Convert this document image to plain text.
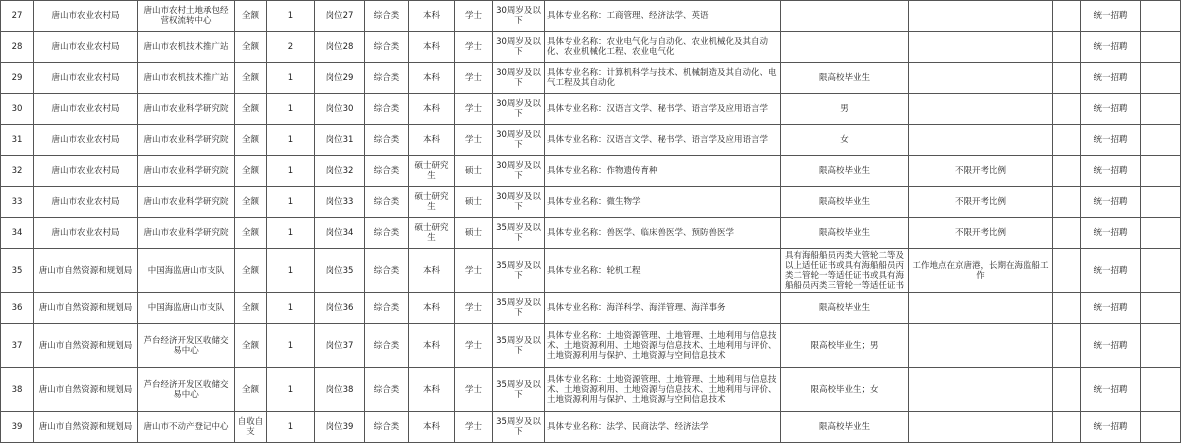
27	唐山市农业农村局	唐山市农村土地承包经营权流转中心	全额	1	岗位27	综合类	本科	学士	30周岁及以下	具体专业名称：工商管理、经济法学、英语				统一招聘	
28	唐山市农业农村局	唐山市农机技术推广站	全额	2	岗位28	综合类	本科	学士	30周岁及以下	具体专业名称：农业电气化与自动化、农业机械化及其自动化、农业机械化工程、农业电气化				统一招聘	
29	唐山市农业农村局	唐山市农机技术推广站	全额	1	岗位29	综合类	本科	学士	30周岁及以下	具体专业名称：计算机科学与技术、机械制造及其自动化、电气工程及其自动化	限高校毕业生			统一招聘	
30	唐山市农业农村局	唐山市农业科学研究院	全额	1	岗位30	综合类	本科	学士	30周岁及以下	具体专业名称：汉语言文学、秘书学、语言学及应用语言学	男			统一招聘	
31	唐山市农业农村局	唐山市农业科学研究院	全额	1	岗位31	综合类	本科	学士	30周岁及以下	具体专业名称：汉语言文学、秘书学、语言学及应用语言学	女			统一招聘	
32	唐山市农业农村局	唐山市农业科学研究院	全额	1	岗位32	综合类	硕士研究生	硕士	30周岁及以下	具体专业名称：作物遗传育种	限高校毕业生	不限开考比例		统一招聘	
33	唐山市农业农村局	唐山市农业科学研究院	全额	1	岗位33	综合类	硕士研究生	硕士	30周岁及以下	具体专业名称：微生物学	限高校毕业生	不限开考比例		统一招聘	
34	唐山市农业农村局	唐山市农业科学研究院	全额	1	岗位34	综合类	硕士研究生	硕士	35周岁及以下	具体专业名称：兽医学、临床兽医学、预防兽医学	限高校毕业生	不限开考比例		统一招聘	
35	唐山市自然资源和规划局	中国海监唐山市支队	全额	1	岗位35	综合类	本科	学士	35周岁及以下	具体专业名称：轮机工程	具有海船船员丙类大管轮二等及以上适任证书或具有海船船员丙类二管轮一等适任证书或具有海船船员丙类三管轮一等适任证书	工作地点在京唐港，长期在海监船工作		统一招聘	
36	唐山市自然资源和规划局	中国海监唐山市支队	全额	1	岗位36	综合类	本科	学士	35周岁及以下	具体专业名称：海洋科学、海洋管理、海洋事务	限高校毕业生			统一招聘	
37	唐山市自然资源和规划局	芦台经济开发区收储交易中心	全额	1	岗位37	综合类	本科	学士	35周岁及以下	具体专业名称：土地资源管理、土地管理、土地利用与信息技术、土地资源利用、土地资源与信息技术、土地利用与评价、土地资源利用与保护、土地资源与空间信息技术	限高校毕业生；男			统一招聘	
38	唐山市自然资源和规划局	芦台经济开发区收储交易中心	全额	1	岗位38	综合类	本科	学士	35周岁及以下	具体专业名称：土地资源管理、土地管理、土地利用与信息技术、土地资源利用、土地资源与信息技术、土地利用与评价、土地资源利用与保护、土地资源与空间信息技术	限高校毕业生；女			统一招聘	
39	唐山市自然资源和规划局	唐山市不动产登记中心	自收自支	1	岗位39	综合类	本科	学士	35周岁及以下	具体专业名称：法学、民商法学、经济法学	限高校毕业生			统一招聘	
